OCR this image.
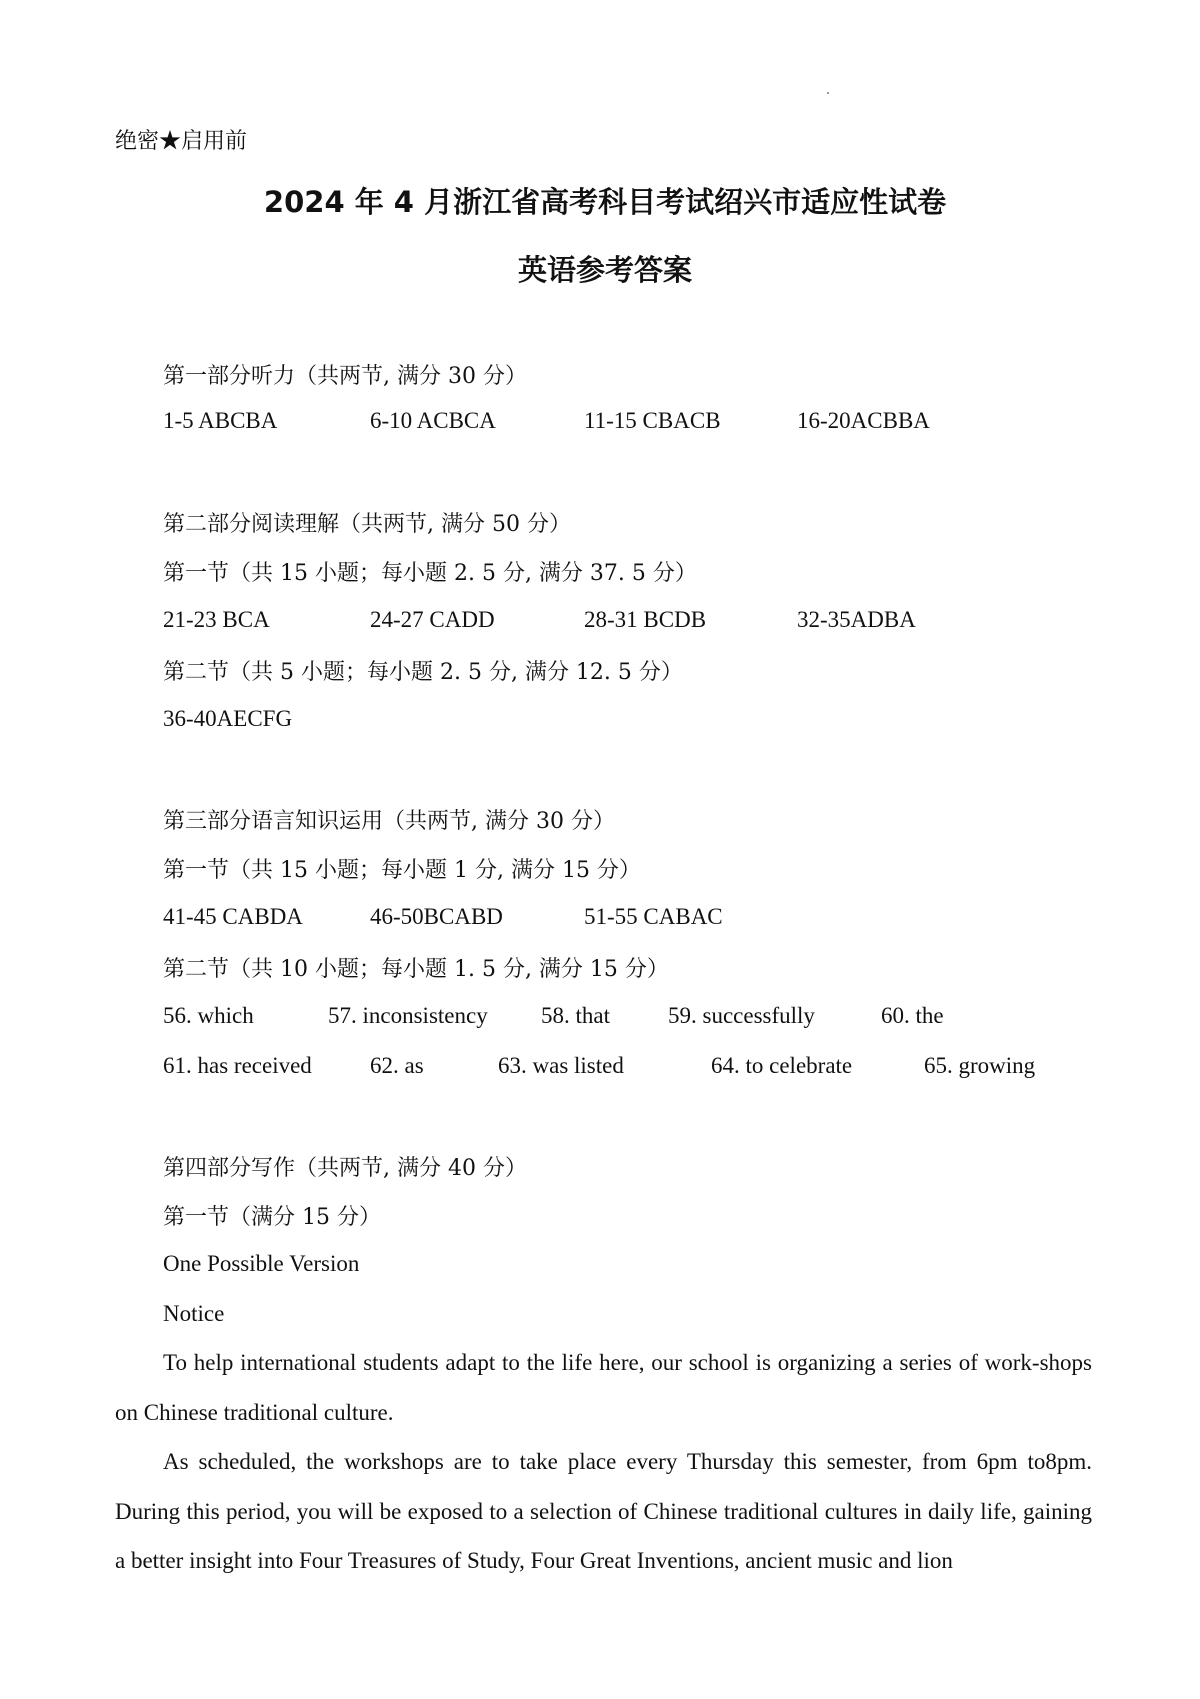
绝密★启用前
2024 年 4 月浙江省高考科目考试绍兴市适应性试卷
英语参考答案
第一部分听力（共两节, 满分 30 分）
1-5 ABCBA	6-10 ACBCA	11-15 CBACB	16-20ACBBA
第二部分阅读理解（共两节, 满分 50 分）
第一节（共 15 小题；每小题 2. 5 分, 满分 37. 5 分）
21-23 BCA	24-27 CADD	28-31 BCDB	32-35ADBA
第二节（共 5 小题；每小题 2. 5 分, 满分 12. 5 分）
36-40AECFG
第三部分语言知识运用（共两节, 满分 30 分）
第一节（共 15 小题；每小题 1 分, 满分 15 分）
41-45 CABDA	46-50BCABD	51-55 CABAC
第二节（共 10 小题；每小题 1. 5 分, 满分 15 分）
56. which	57. inconsistency 58. that	59. successfully	60. the
61. has received	62. as	63. was listed	64. to celebrate	65. growing
第四部分写作（共两节, 满分 40 分）
第一节（满分 15 分）
One Possible Version
Notice
To help international students adapt to the life here, our school is organizing a series of work-shops on Chinese traditional culture.
As scheduled, the workshops are to take place every Thursday this semester, from 6pm to8pm. During this period, you will be exposed to a selection of Chinese traditional cultures in daily life, gaining a better insight into Four Treasures of Study, Four Great Inventions, ancient music and lion
